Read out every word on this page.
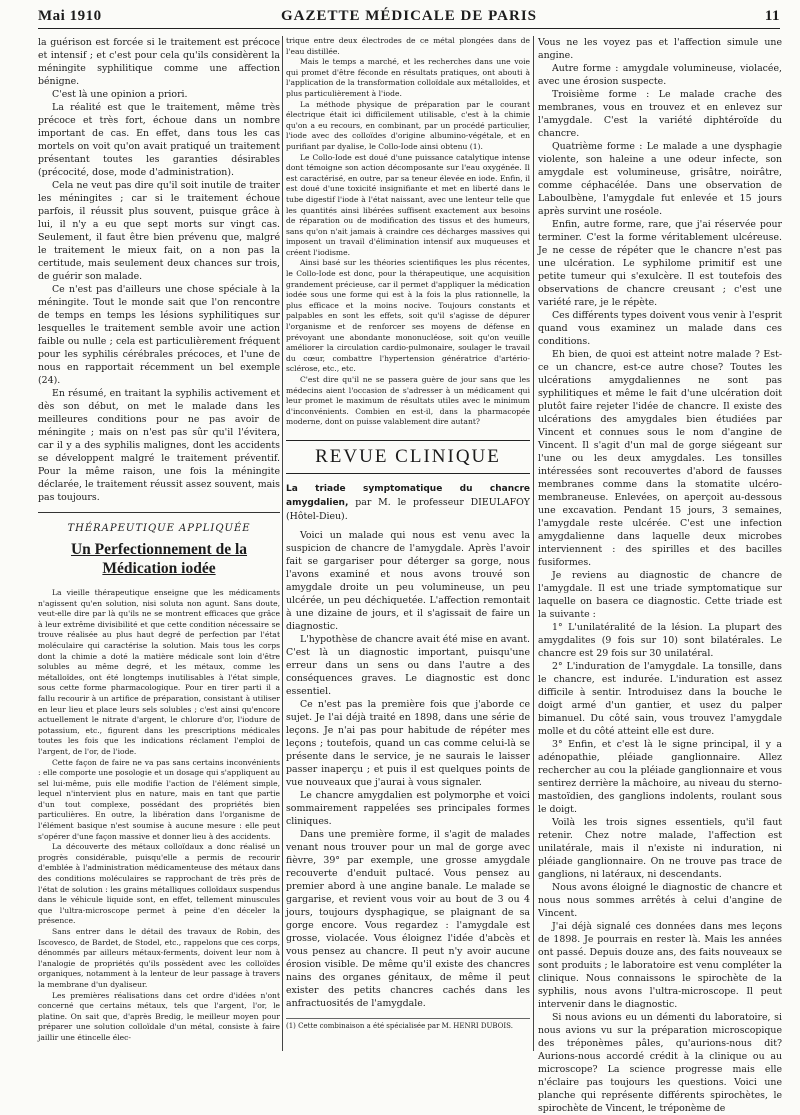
GAZETTE MÉDICALE DE PARIS
Mai 1910	11

la guérison est forcée si le traitement est précoce et intensif ; et c'est pour cela qu'ils considèrent la méningite syphilitique comme une affection bénigne.

C'est là une opinion a priori.

La réalité est que le traitement, même très précoce et très fort, échoue dans un nombre important de cas. En effet, dans tous les cas mortels on voit qu'on avait pratiqué un traitement présentant toutes les garanties désirables (précocité, dose, mode d'administration).

Cela ne veut pas dire qu'il soit inutile de traiter les méningites ; car si le traitement échoue parfois, il réussit plus souvent, puisque grâce à lui, il n'y a eu que sept morts sur vingt cas. Seulement, il faut être bien prévenu que, malgré le traitement le mieux fait, on a non pas la certitude, mais seulement deux chances sur trois, de guérir son malade.

Ce n'est pas d'ailleurs une chose spéciale à la méningite. Tout le monde sait que l'on rencontre de temps en temps les lésions syphilitiques sur lesquelles le traitement semble avoir une action faible ou nulle ; cela est particulièrement fréquent pour les syphilis cérébrales précoces, et l'une de nous en rapportait récemment un bel exemple (24).

En résumé, en traitant la syphilis activement et dès son début, on met le malade dans les meilleures conditions pour ne pas avoir de méningite ; mais on n'est pas sûr qu'il l'évitera, car il y a des syphilis malignes, dont les accidents se développent malgré le traitement préventif. Pour la même raison, une fois la méningite déclarée, le traitement réussit assez souvent, mais pas toujours.

THÉRAPEUTIQUE APPLIQUÉE
Un Perfectionnement de la Médication iodée

La vieille thérapeutique enseigne que les médicaments n'agissent qu'en solution, nisi soluta non agunt. Sans doute, veut-elle dire par là qu'ils ne se montrent efficaces que grâce à leur extrême divisibilité et que cette condition nécessaire se trouve réalisée au plus haut degré de perfection par l'état moléculaire qui caractérise la solution. Mais tous les corps dont la chimie a doté la matière médicale sont loin d'être solubles au même degré, et les métaux, comme les métalloïdes, ont été longtemps inutilisables à l'état simple, sous cette forme pharmacologique. Pour en tirer parti il a fallu recourir à un artifice de préparation, consistant à utiliser en leur lieu et place leurs sels solubles ; c'est ainsi qu'encore actuellement le nitrate d'argent, le chlorure d'or, l'iodure de potassium, etc., figurent dans les prescriptions médicales toutes les fois que les indications réclament l'emploi de l'argent, de l'or, de l'iode.

Cette façon de faire ne va pas sans certains inconvénients : elle comporte une posologie et un dosage qui s'appliquent au sel lui-même, puis elle modifie l'action de l'élément simple, lequel n'intervient plus en nature, mais en tant que partie d'un tout complexe, possédant des propriétés bien particulières. En outre, la libération dans l'organisme de l'élément basique n'est soumise à aucune mesure : elle peut s'opérer d'une façon massive et donner lieu à des accidents.

La découverte des métaux colloïdaux a donc réalisé un progrès considérable, puisqu'elle a permis de recourir d'emblée à l'administration médicamenteuse des métaux dans des conditions moléculaires se rapprochant de très près de l'état de solution : les grains métalliques colloïdaux suspendus dans le véhicule liquide sont, en effet, tellement minuscules que l'ultra-microscope permet à peine d'en déceler la présence.

Sans entrer dans le détail des travaux de Robin, des Iscovesco, de Bardet, de Stodel, etc., rappelons que ces corps, dénommés par ailleurs métaux-ferments, doivent leur nom à l'analogie de propriétés qu'ils possèdent avec les colloïdes organiques, notamment à la lenteur de leur passage à travers la membrane d'un dyaliseur.

Les premières réalisations dans cet ordre d'idées n'ont concerné que certains métaux, tels que l'argent, l'or, le platine. On sait que, d'après Bredig, le meilleur moyen pour préparer une solution colloïdale d'un métal, consiste à faire jaillir une étincelle élec-

trique entre deux électrodes de ce métal plongées dans de l'eau distillée.

Mais le temps a marché, et les recherches dans une voie qui promet d'être féconde en résultats pratiques, ont abouti à l'application de la transformation colloïdale aux métalloïdes, et plus particulièrement à l'iode.

La méthode physique de préparation par le courant électrique était ici difficilement utilisable, c'est à la chimie qu'on a eu recours, en combinant, par un procédé particulier, l'iode avec des colloïdes d'origine albumino-végétale, et en purifiant par dyalise, le Collo-Iode ainsi obtenu (1).

Le Collo-Iode est doué d'une puissance catalytique intense dont témoigne son action décomposante sur l'eau oxygénée. Il est caractérisé, en outre, par sa teneur élevée en iode. Enfin, il est doué d'une toxicité insignifiante et met en liberté dans le tube digestif l'iode à l'état naissant, avec une lenteur telle que les quantités ainsi libérées suffisent exactement aux besoins de réparation ou de modification des tissus et des humeurs, sans qu'on n'ait jamais à craindre ces décharges massives qui imposent un travail d'élimination intensif aux muqueuses et créent l'iodisme.

Ainsi basé sur les théories scientifiques les plus récentes, le Collo-Iode est donc, pour la thérapeutique, une acquisition grandement précieuse, car il permet d'appliquer la médication iodée sous une forme qui est à la fois la plus rationnelle, la plus efficace et la moins nocive. Toujours constants et palpables en sont les effets, soit qu'il s'agisse de dépurer l'organisme et de renforcer ses moyens de défense en prévoyant une abondante mononucléose, soit qu'on veuille améliorer la circulation cardio-pulmonaire, soulager le travail du cœur, combattre l'hypertension génératrice d'artério-sclérose, etc., etc.

C'est dire qu'il ne se passera guère de jour sans que les médecins aient l'occasion de s'adresser à un médicament qui leur promet le maximum de résultats utiles avec le minimum d'inconvénients. Combien en est-il, dans la pharmacopée moderne, dont on puisse valablement dire autant?

REVUE CLINIQUE
La triade symptomatique du chancre amygdalien, par M. le professeur DIEULAFOY (Hôtel-Dieu).

Voici un malade qui nous est venu avec la suspicion de chancre de l'amygdale. Après l'avoir fait se gargariser pour déterger sa gorge, nous l'avons examiné et nous avons trouvé son amygdale droite un peu volumineuse, un peu ulcérée, un peu déchiquetée. L'affection remontait à une dizaine de jours, et il s'agissait de faire un diagnostic.

L'hypothèse de chancre avait été mise en avant. C'est là un diagnostic important, puisqu'une erreur dans un sens ou dans l'autre a des conséquences graves. Le diagnostic est donc essentiel.

Ce n'est pas la première fois que j'aborde ce sujet. Je l'ai déjà traité en 1898, dans une série de leçons. Je n'ai pas pour habitude de répéter mes leçons ; toutefois, quand un cas comme celui-là se présente dans le service, je ne saurais le laisser passer inaperçu ; et puis il est quelques points de vue nouveaux que j'aurai à vous signaler.

Le chancre amygdalien est polymorphe et voici sommairement rappelées ses principales formes cliniques.

Dans une première forme, il s'agit de malades venant nous trouver pour un mal de gorge avec fièvre, 39° par exemple, une grosse amygdale recouverte d'enduit pultacé. Vous pensez au premier abord à une angine banale. Le malade se gargarise, et revient vous voir au bout de 3 ou 4 jours, toujours dysphagique, se plaignant de sa gorge encore. Vous regardez : l'amygdale est grosse, violacée. Vous éloignez l'idée d'abcès et vous pensez au chancre. Il peut n'y avoir aucune érosion visible. De même qu'il existe des chancres nains des organes génitaux, de même il peut exister des petits chancres cachés dans les anfractuosités de l'amygdale.

(1) Cette combinaison a été spécialisée par M. HENRI DUBOIS.

Vous ne les voyez pas et l'affection simule une angine.

Autre forme : amygdale volumineuse, violacée, avec une érosion suspecte.

Troisième forme : Le malade crache des membranes, vous en trouvez et en enlevez sur l'amygdale. C'est la variété diphtéroïde du chancre.

Quatrième forme : Le malade a une dysphagie violente, son haleine a une odeur infecte, son amygdale est volumineuse, grisâtre, noirâtre, comme céphacélée. Dans une observation de Laboulbène, l'amygdale fut enlevée et 15 jours après survint une roséole.

Enfin, autre forme, rare, que j'ai réservée pour terminer. C'est la forme véritablement ulcéreuse. Je ne cesse de répéter que le chancre n'est pas une ulcération. Le syphilome primitif est une petite tumeur qui s'exulcère. Il est toutefois des observations de chancre creusant ; c'est une variété rare, je le répète.

Ces différents types doivent vous venir à l'esprit quand vous examinez un malade dans ces conditions.

Eh bien, de quoi est atteint notre malade ? Est-ce un chancre, est-ce autre chose? Toutes les ulcérations amygdaliennes ne sont pas syphilitiques et même le fait d'une ulcération doit plutôt faire rejeter l'idée de chancre. Il existe des ulcérations des amygdales bien étudiées par Vincent et connues sous le nom d'angine de Vincent. Il s'agit d'un mal de gorge siégeant sur l'une ou les deux amygdales. Les tonsilles intéressées sont recouvertes d'abord de fausses membranes comme dans la stomatite ulcéro-membraneuse. Enlevées, on aperçoit au-dessous une excavation. Pendant 15 jours, 3 semaines, l'amygdale reste ulcérée. C'est une infection amygdalienne dans laquelle deux microbes interviennent : des spirilles et des bacilles fusiformes.

Je reviens au diagnostic de chancre de l'amygdale. Il est une triade symptomatique sur laquelle on basera ce diagnostic. Cette triade est la suivante :

1° L'unilatéralité de la lésion. La plupart des amygdalites (9 fois sur 10) sont bilatérales. Le chancre est 29 fois sur 30 unilatéral.

2° L'induration de l'amygdale. La tonsille, dans le chancre, est indurée. L'induration est assez difficile à sentir. Introduisez dans la bouche le doigt armé d'un gantier, et usez du palper bimanuel. Du côté sain, vous trouvez l'amygdale molle et du côté atteint elle est dure.

3° Enfin, et c'est là le signe principal, il y a adénopathie, pléiade ganglionnaire. Allez rechercher au cou la pléiade ganglionnaire et vous sentirez derrière la mâchoire, au niveau du sterno-mastoïdien, des ganglions indolents, roulant sous le doigt.

Voilà les trois signes essentiels, qu'il faut retenir. Chez notre malade, l'affection est unilatérale, mais il n'existe ni induration, ni pléiade ganglionnaire. On ne trouve pas trace de ganglions, ni latéraux, ni descendants.

Nous avons éloigné le diagnostic de chancre et nous nous sommes arrêtés à celui d'angine de Vincent.

J'ai déjà signalé ces données dans mes leçons de 1898. Je pourrais en rester là. Mais les années ont passé. Depuis douze ans, des faits nouveaux se sont produits ; le laboratoire est venu compléter la clinique. Nous connaissons le spirochète de la syphilis, nous avons l'ultra-microscope. Il peut intervenir dans le diagnostic.

Si nous avions eu un démenti du laboratoire, si nous avions vu sur la préparation microscopique des tréponèmes pâles, qu'aurions-nous dit? Aurions-nous accordé crédit à la clinique ou au microscope? La science progresse mais elle n'éclaire pas toujours les questions. Voici une planche qui représente différents spirochètes, le spirochète de Vincent, le tréponème de
